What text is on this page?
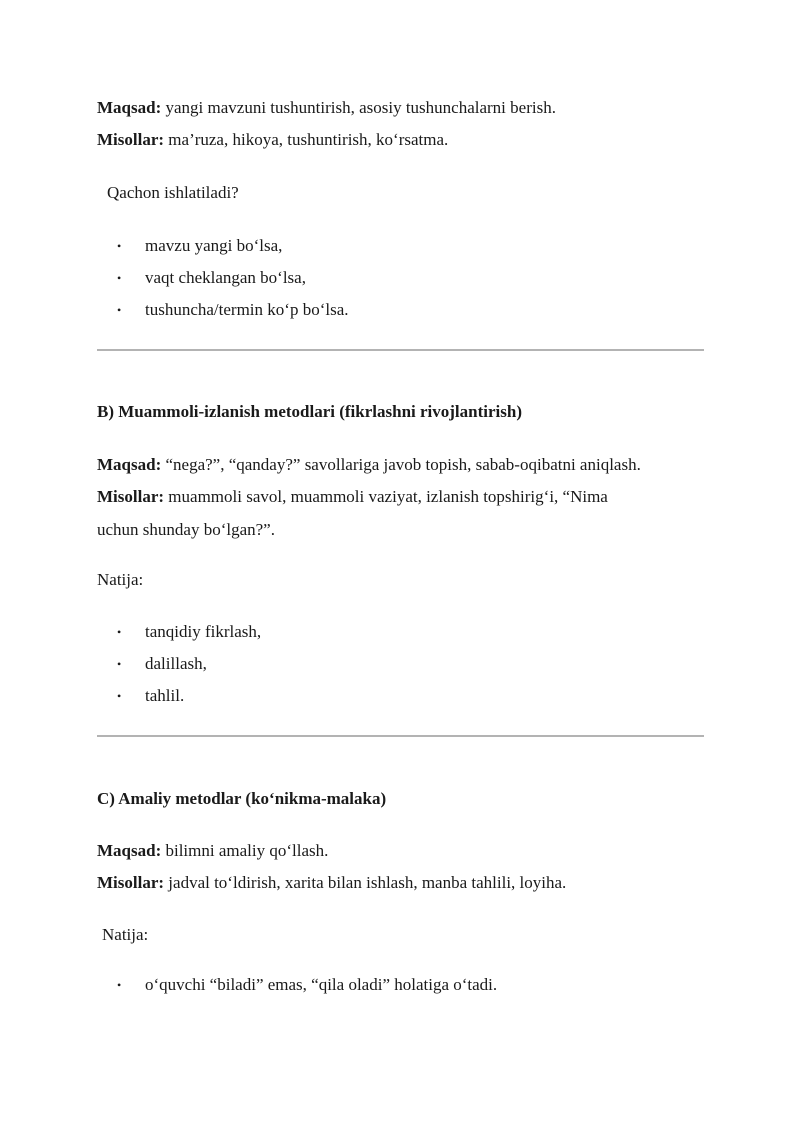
Maqsad: yangi mavzuni tushuntirish, asosiy tushunchalarni berish.
Misollar: ma’ruza, hikoya, tushuntirish, ko‘rsatma.
Qachon ishlatiladi?
• mavzu yangi bo‘lsa,
• vaqt cheklangan bo‘lsa,
• tushuncha/termin ko‘p bo‘lsa.
B) Muammoli-izlanish metodlari (fikrlashni rivojlantirish)
Maqsad: “nega?”, “qanday?” savollariga javob topish, sabab-oqibatni aniqlash.
Misollar: muammoli savol, muammoli vaziyat, izlanish topshirig‘i, “Nima
uchun shunday bo‘lgan?”.
Natija:
• tanqidiy fikrlash,
• dalillash,
• tahlil.
C) Amaliy metodlar (ko‘nikma-malaka)
Maqsad: bilimni amaliy qo‘llash.
Misollar: jadval to‘ldirish, xarita bilan ishlash, manba tahlili, loyiha.
Natija:
• o‘quvchi “biladi” emas, “qila oladi” holatiga o‘tadi.
